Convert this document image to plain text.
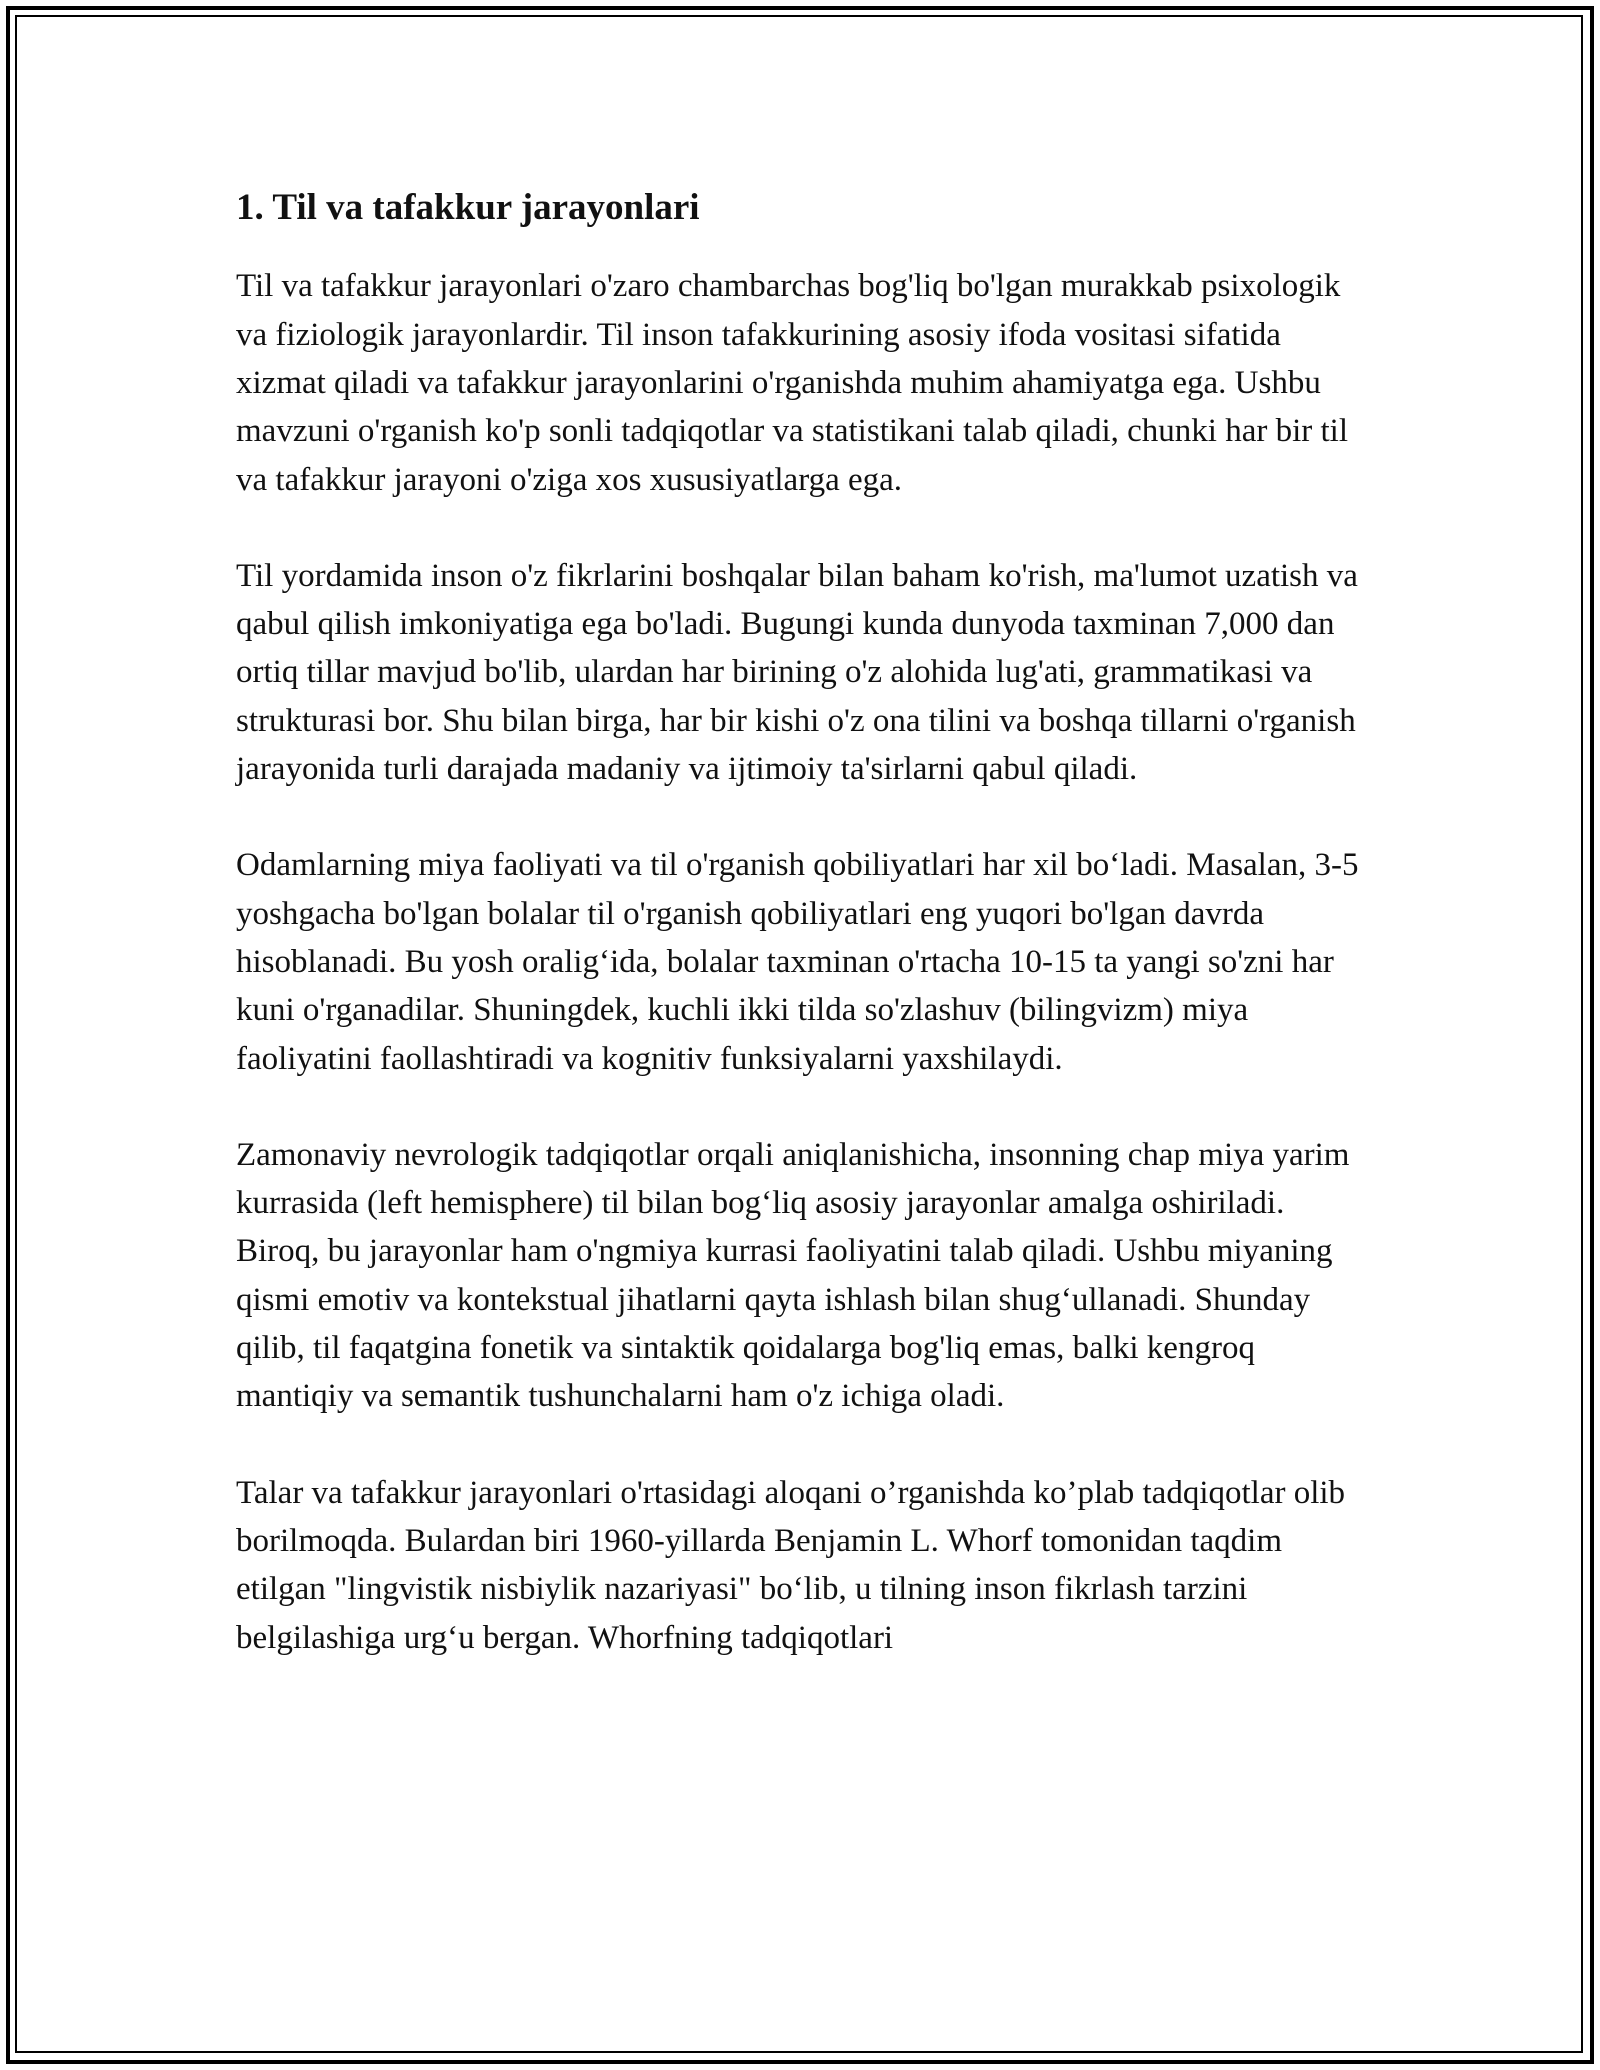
1. Til va tafakkur jarayonlari

Til va tafakkur jarayonlari o'zaro chambarchas bog'liq bo'lgan murakkab psixologik va fiziologik jarayonlardir. Til inson tafakkurining asosiy ifoda vositasi sifatida xizmat qiladi va tafakkur jarayonlarini o'rganishda muhim ahamiyatga ega. Ushbu mavzuni o'rganish ko'p sonli tadqiqotlar va statistikani talab qiladi, chunki har bir til va tafakkur jarayoni o'ziga xos xususiyatlarga ega.

Til yordamida inson o'z fikrlarini boshqalar bilan baham ko'rish, ma'lumot uzatish va qabul qilish imkoniyatiga ega bo'ladi. Bugungi kunda dunyoda taxminan 7,000 dan ortiq tillar mavjud bo'lib, ulardan har birining o'z alohida lug'ati, grammatikasi va strukturasi bor. Shu bilan birga, har bir kishi o'z ona tilini va boshqa tillarni o'rganish jarayonida turli darajada madaniy va ijtimoiy ta'sirlarni qabul qiladi.

Odamlarning miya faoliyati va til o'rganish qobiliyatlari har xil bo‘ladi. Masalan, 3-5 yoshgacha bo'lgan bolalar til o'rganish qobiliyatlari eng yuqori bo'lgan davrda hisoblanadi. Bu yosh oralig‘ida, bolalar taxminan o'rtacha 10-15 ta yangi so'zni har kuni o'rganadilar. Shuningdek, kuchli ikki tilda so'zlashuv (bilingvizm) miya faoliyatini faollashtiradi va kognitiv funksiyalarni yaxshilaydi.

Zamonaviy nevrologik tadqiqotlar orqali aniqlanishicha, insonning chap miya yarim kurrasida (left hemisphere) til bilan bog‘liq asosiy jarayonlar amalga oshiriladi. Biroq, bu jarayonlar ham o'ngmiya kurrasi faoliyatini talab qiladi. Ushbu miyaning qismi emotiv va kontekstual jihatlarni qayta ishlash bilan shug‘ullanadi. Shunday qilib, til faqatgina fonetik va sintaktik qoidalarga bog'liq emas, balki kengroq mantiqiy va semantik tushunchalarni ham o'z ichiga oladi.

Talar va tafakkur jarayonlari o'rtasidagi aloqani o’rganishda ko’plab tadqiqotlar olib borilmoqda. Bulardan biri 1960-yillarda Benjamin L. Whorf tomonidan taqdim etilgan "lingvistik nisbiylik nazariyasi" bo‘lib, u tilning inson fikrlash tarzini belgilashiga urg‘u bergan. Whorfning tadqiqotlari
